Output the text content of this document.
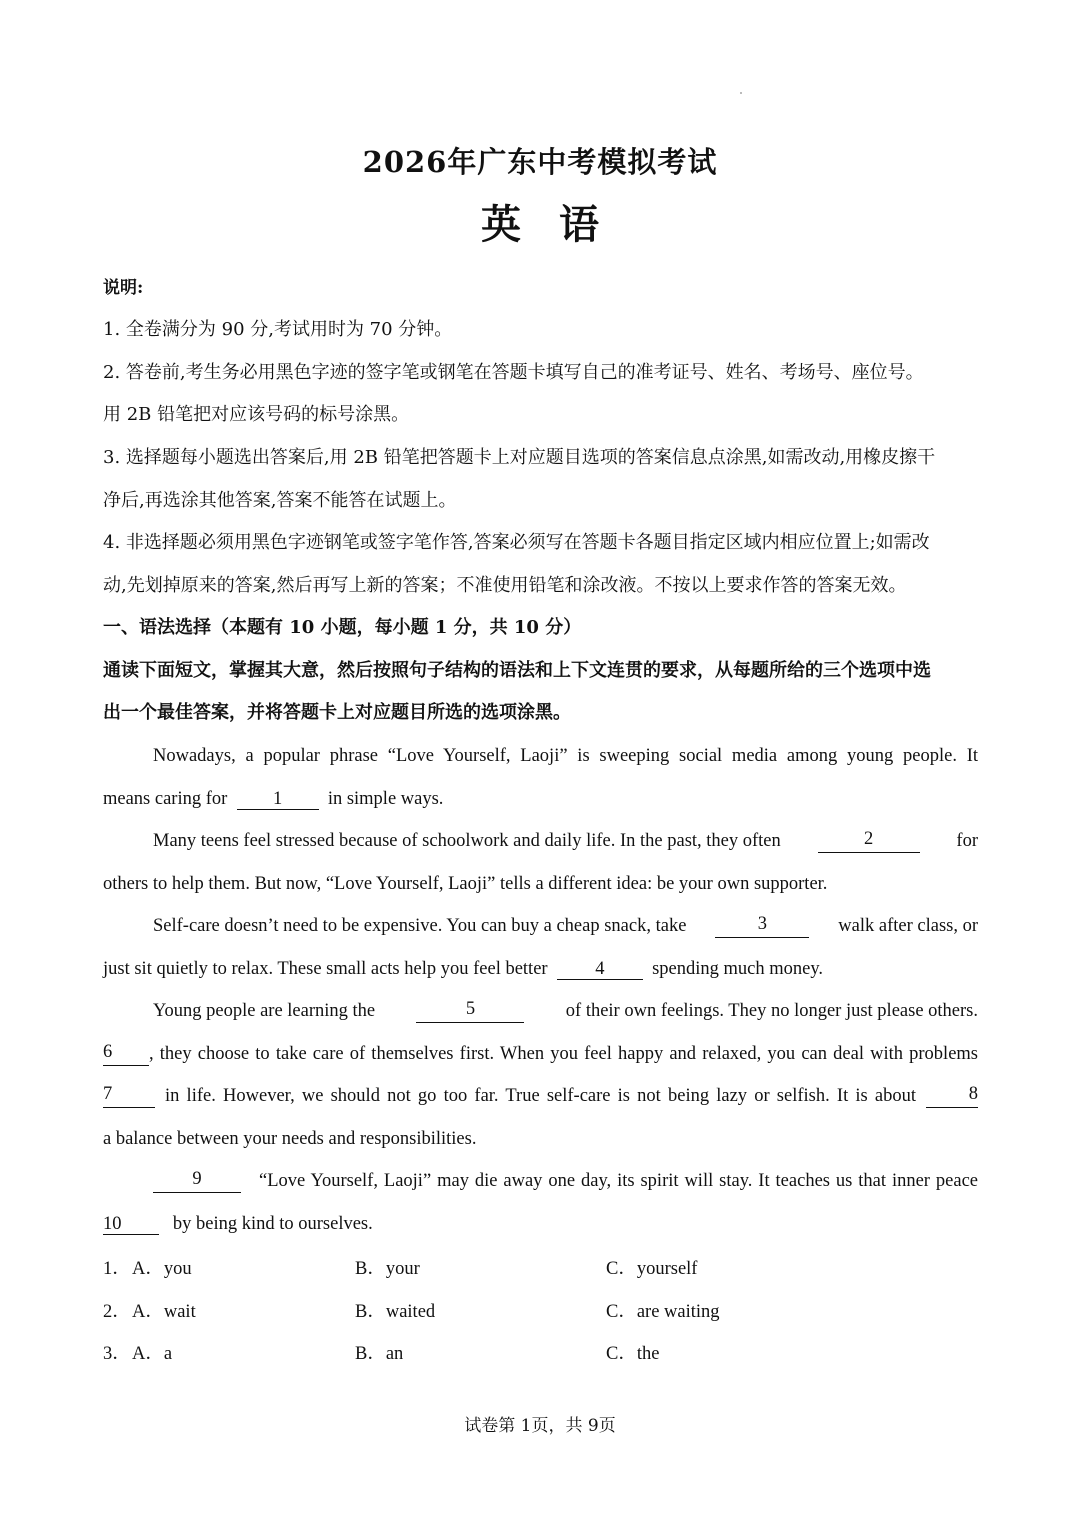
2026年广东中考模拟考试
英语
说明:
1. 全卷满分为 90 分,考试用时为 70 分钟。
2. 答卷前,考生务必用黑色字迹的签字笔或钢笔在答题卡填写自己的准考证号、姓名、考场号、座位号。
用 2B 铅笔把对应该号码的标号涂黑。
3. 选择题每小题选出答案后,用 2B 铅笔把答题卡上对应题目选项的答案信息点涂黑,如需改动,用橡皮擦干
净后,再选涂其他答案,答案不能答在试题上。
4. 非选择题必须用黑色字迹钢笔或签字笔作答,答案必须写在答题卡各题目指定区域内相应位置上;如需改
动,先划掉原来的答案,然后再写上新的答案；不准使用铅笔和涂改液。不按以上要求作答的答案无效。
一、语法选择（本题有 10 小题，每小题 1 分，共 10 分）
通读下面短文，掌握其大意，然后按照句子结构的语法和上下文连贯的要求，从每题所给的三个选项中选
出一个最佳答案，并将答题卡上对应题目所选的选项涂黑。
Nowadays, a popular phrase “Love Yourself, Laoji” is sweeping social media among young people. It
means caring for 1 in simple ways.
Many teens feel stressed because of schoolwork and daily life. In the past, they often	2	for
others to help them. But now, “Love Yourself, Laoji” tells a different idea: be your own supporter.
Self-care doesn’t need to be expensive. You can buy a cheap snack, take	3	walk after class, or
just sit quietly to relax. These small acts help you feel better	4	spending much money.
Young people are learning the	5	of their own feelings. They no longer just please others.
6	, they choose to take care of themselves first. When you feel happy and relaxed, you can deal with problems
7	in life. However, we should not go too far. True self-care is not being lazy or selfish. It is about	8
a balance between your needs and responsibilities.
9	“Love Yourself, Laoji” may die away one day, its spirit will stay. It teaches us that inner peace
10	by being kind to ourselves.
1． A．you	B．your	C．yourself
2． A．wait	B．waited	C．are waiting
3． A．a	B．an	C．the
试卷第 1页，共 9页
